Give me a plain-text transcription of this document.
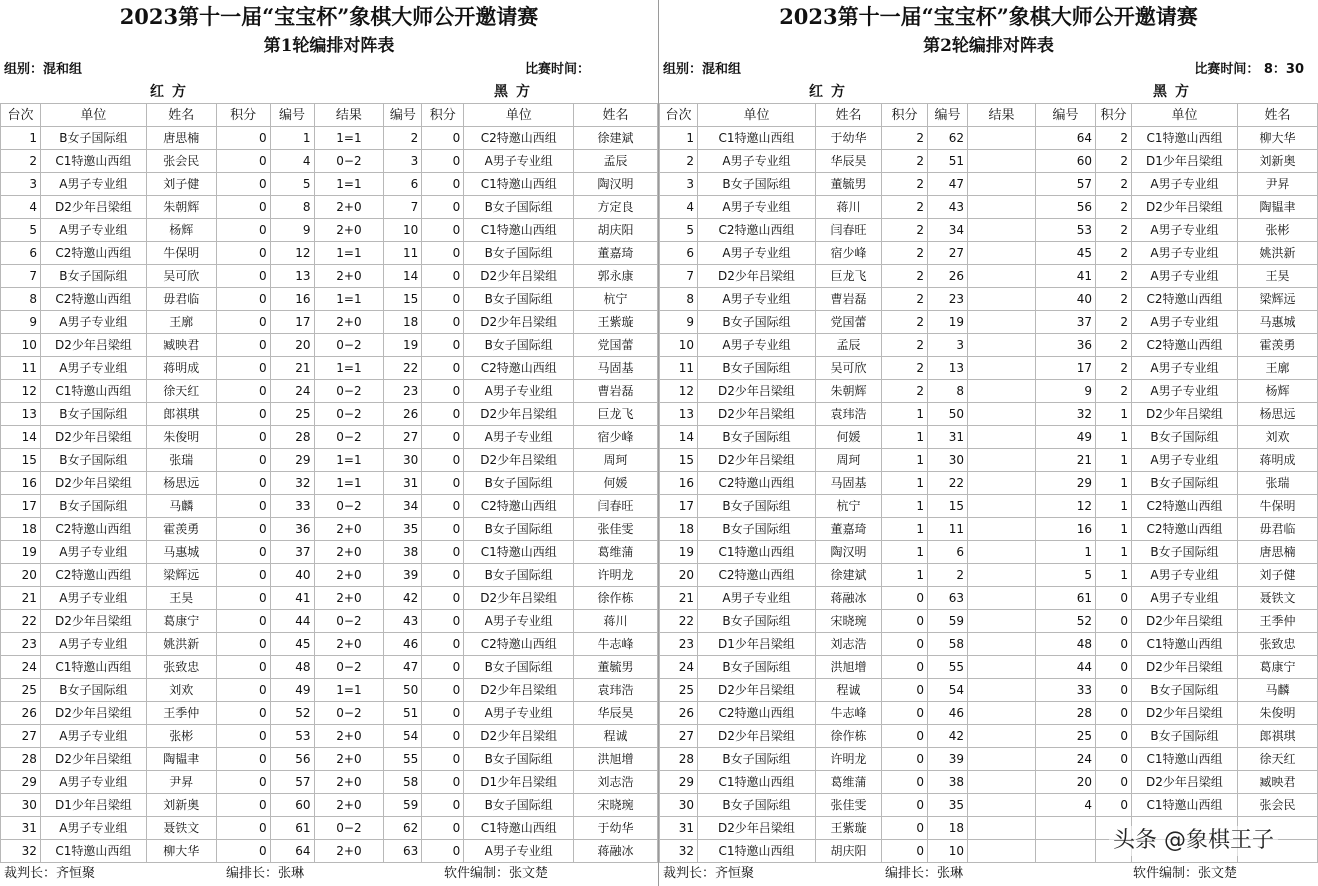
2023第十一届“宝宝杯”象棋大师公开邀请赛
第1轮编排对阵表
组别：混和组	比赛时间：
红方	黑方
台次	单位	姓名	积分	编号	结果	编号	积分	单位	姓名
1	B女子国际组	唐思楠	0	1	1=1	2	0	C2特邀山西组	徐建斌
2	C1特邀山西组	张会民	0	4	0−2	3	0	A男子专业组	孟辰
3	A男子专业组	刘子健	0	5	1=1	6	0	C1特邀山西组	陶汉明
4	D2少年吕梁组	朱朝辉	0	8	2+0	7	0	B女子国际组	方定良
5	A男子专业组	杨辉	0	9	2+0	10	0	C1特邀山西组	胡庆阳
6	C2特邀山西组	牛保明	0	12	1=1	11	0	B女子国际组	董嘉琦
7	B女子国际组	吴可欣	0	13	2+0	14	0	D2少年吕梁组	郭永康
8	C2特邀山西组	毋君临	0	16	1=1	15	0	B女子国际组	杭宁
9	A男子专业组	王廓	0	17	2+0	18	0	D2少年吕梁组	王紫璇
10	D2少年吕梁组	臧映君	0	20	0−2	19	0	B女子国际组	党国蕾
11	A男子专业组	蒋明成	0	21	1=1	22	0	C2特邀山西组	马固基
12	C1特邀山西组	徐天红	0	24	0−2	23	0	A男子专业组	曹岩磊
13	B女子国际组	郎祺琪	0	25	0−2	26	0	D2少年吕梁组	巨龙飞
14	D2少年吕梁组	朱俊明	0	28	0−2	27	0	A男子专业组	宿少峰
15	B女子国际组	张瑞	0	29	1=1	30	0	D2少年吕梁组	周珂
16	D2少年吕梁组	杨思远	0	32	1=1	31	0	B女子国际组	何媛
17	B女子国际组	马麟	0	33	0−2	34	0	C2特邀山西组	闫春旺
18	C2特邀山西组	霍羡勇	0	36	2+0	35	0	B女子国际组	张佳雯
19	A男子专业组	马惠城	0	37	2+0	38	0	C1特邀山西组	葛维蒲
20	C2特邀山西组	梁辉远	0	40	2+0	39	0	B女子国际组	许明龙
21	A男子专业组	王昊	0	41	2+0	42	0	D2少年吕梁组	徐作栋
22	D2少年吕梁组	葛康宁	0	44	0−2	43	0	A男子专业组	蒋川
23	A男子专业组	姚洪新	0	45	2+0	46	0	C2特邀山西组	牛志峰
24	C1特邀山西组	张致忠	0	48	0−2	47	0	B女子国际组	董毓男
25	B女子国际组	刘欢	0	49	1=1	50	0	D2少年吕梁组	袁玮浩
26	D2少年吕梁组	王季仲	0	52	0−2	51	0	A男子专业组	华辰昊
27	A男子专业组	张彬	0	53	2+0	54	0	D2少年吕梁组	程诚
28	D2少年吕梁组	陶韫聿	0	56	2+0	55	0	B女子国际组	洪旭增
29	A男子专业组	尹昇	0	57	2+0	58	0	D1少年吕梁组	刘志浩
30	D1少年吕梁组	刘新奥	0	60	2+0	59	0	B女子国际组	宋晓琬
31	A男子专业组	聂铁文	0	61	0−2	62	0	C1特邀山西组	于幼华
32	C1特邀山西组	柳大华	0	64	2+0	63	0	A男子专业组	蒋融冰
裁判长：齐恒聚	编排长：张琳	软件编制：张文楚
2023第十一届“宝宝杯”象棋大师公开邀请赛
第2轮编排对阵表
组别：混和组	比赛时间： 8：30
红方	黑方
台次	单位	姓名	积分	编号	结果	编号	积分	单位	姓名
1	C1特邀山西组	于幼华	2	62		64	2	C1特邀山西组	柳大华
2	A男子专业组	华辰昊	2	51		60	2	D1少年吕梁组	刘新奥
3	B女子国际组	董毓男	2	47		57	2	A男子专业组	尹昇
4	A男子专业组	蒋川	2	43		56	2	D2少年吕梁组	陶韫聿
5	C2特邀山西组	闫春旺	2	34		53	2	A男子专业组	张彬
6	A男子专业组	宿少峰	2	27		45	2	A男子专业组	姚洪新
7	D2少年吕梁组	巨龙飞	2	26		41	2	A男子专业组	王昊
8	A男子专业组	曹岩磊	2	23		40	2	C2特邀山西组	梁辉远
9	B女子国际组	党国蕾	2	19		37	2	A男子专业组	马惠城
10	A男子专业组	孟辰	2	3		36	2	C2特邀山西组	霍羡勇
11	B女子国际组	吴可欣	2	13		17	2	A男子专业组	王廓
12	D2少年吕梁组	朱朝辉	2	8		9	2	A男子专业组	杨辉
13	D2少年吕梁组	袁玮浩	1	50		32	1	D2少年吕梁组	杨思远
14	B女子国际组	何媛	1	31		49	1	B女子国际组	刘欢
15	D2少年吕梁组	周珂	1	30		21	1	A男子专业组	蒋明成
16	C2特邀山西组	马固基	1	22		29	1	B女子国际组	张瑞
17	B女子国际组	杭宁	1	15		12	1	C2特邀山西组	牛保明
18	B女子国际组	董嘉琦	1	11		16	1	C2特邀山西组	毋君临
19	C1特邀山西组	陶汉明	1	6		1	1	B女子国际组	唐思楠
20	C2特邀山西组	徐建斌	1	2		5	1	A男子专业组	刘子健
21	A男子专业组	蒋融冰	0	63		61	0	A男子专业组	聂铁文
22	B女子国际组	宋晓琬	0	59		52	0	D2少年吕梁组	王季仲
23	D1少年吕梁组	刘志浩	0	58		48	0	C1特邀山西组	张致忠
24	B女子国际组	洪旭增	0	55		44	0	D2少年吕梁组	葛康宁
25	D2少年吕梁组	程诚	0	54		33	0	B女子国际组	马麟
26	C2特邀山西组	牛志峰	0	46		28	0	D2少年吕梁组	朱俊明
27	D2少年吕梁组	徐作栋	0	42		25	0	B女子国际组	郎祺琪
28	B女子国际组	许明龙	0	39		24	0	C1特邀山西组	徐天红
29	C1特邀山西组	葛维蒲	0	38		20	0	D2少年吕梁组	臧映君
30	B女子国际组	张佳雯	0	35		4	0	C1特邀山西组	张会民
31	D2少年吕梁组	王紫璇	0	18					
32	C1特邀山西组	胡庆阳	0	10					
裁判长：齐恒聚	编排长：张琳	软件编制：张文楚
头条 @象棋王子
